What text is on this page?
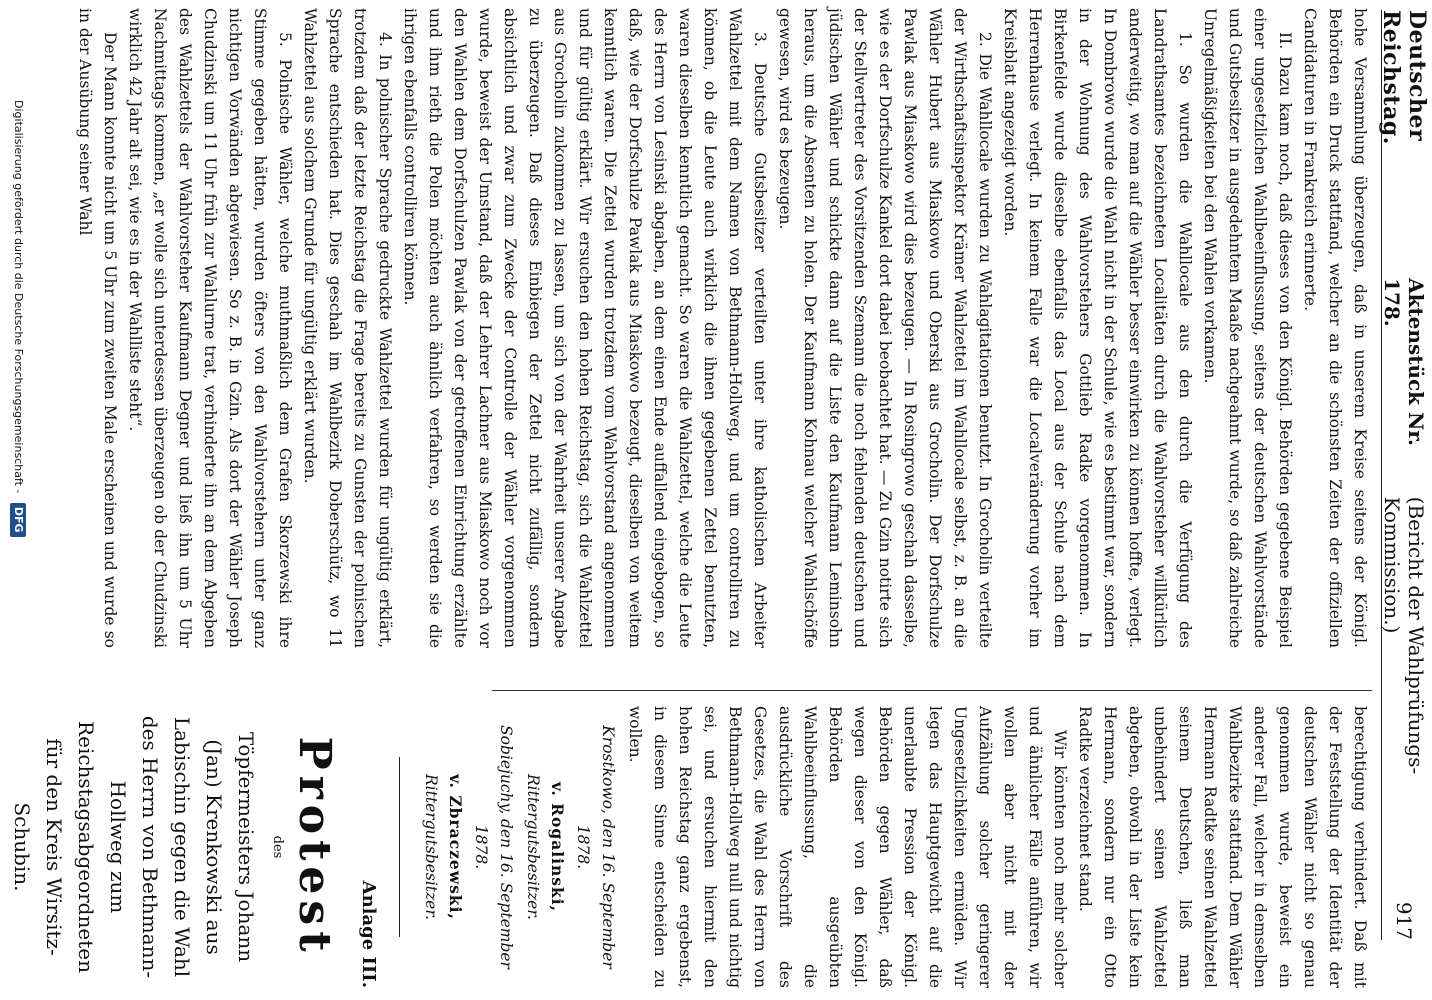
Deutscher Reichstag.
Aktenstück Nr. 178.
(Bericht der Wahlprüfungs-Kommission.)
917

hohe Versammlung überzeugen, daß in unserem Kreise seitens der Königl. Behörden ein Druck stattfand, welcher an die schönsten Zeiten der offiziellen Candidaturen in Frankreich erinnerte.

II. Dazu kam noch, daß dieses von den Königl. Behörden gegebene Beispiel einer ungesetzlichen Wahlbeeinflussung, seitens der deutschen Wahlvorstände und Gutsbesitzer in ausgedehntem Maaße nachgeahmt wurde, so daß zahlreiche Unregelmäßigkeiten bei den Wahlen vorkamen.

1. So wurden die Wahllocale aus den durch die Verfügung des Landrathsamtes bezeichneten Localitäten durch die Wahlvorsteher willkürlich anderweitig, wo man auf die Wähler besser einwirken zu können hoffte, verlegt. In Dombrowo wurde die Wahl nicht in der Schule, wie es bestimmt war, sondern in der Wohnung des Wahlvorstehers Gottlieb Radke vorgenommen. In Birkenfelde wurde dieselbe ebenfalls das Local aus der Schule nach dem Herrenhause verlegt. In keinem Falle war die Localveränderung vorher im Kreisblatt angezeigt worden.

2. Die Wahllocale wurden zu Wahlagitationen benutzt. In Grocholin verteilte der Wirthschaftsinspektor Krämer Wahlzettel im Wahllocale selbst, z. B. an die Wähler Hubert aus Miaskowo und Oberski aus Grocholin. Der Dorfschulze Pawlak aus Miaskowo wird dies bezeugen. — In Rosingrowo geschah dasselbe, wie es der Dorfschulze Kankel dort dabei beobachtet hat. — Zu Gzin notirte sich der Stellvertreter des Vorsitzenden Szemann die noch fehlenden deutschen und jüdischen Wähler und schickte dann auf die Liste den Kaufmann Leminsohn heraus, um die Absenten zu holen. Der Kaufmann Kohnau welcher Wahlschöffe gewesen, wird es bezeugen.

3. Deutsche Gutsbesitzer verteilten unter ihre katholischen Arbeiter Wahlzettel mit dem Namen von Bethmann-Hollweg, und um controlliren zu können, ob die Leute auch wirklich die ihnen gegebenen Zettel benutzten, waren dieselben kenntlich gemacht. So waren die Wahlzettel, welche die Leute des Herrn von Lesinski abgaben, an dem einen Ende auffallend eingebogen, so daß, wie der Dorfschulze Pawlak aus Miaskowo bezeugt, dieselben von weitem kenntlich waren. Die Zettel wurden trotzdem vom Wahlvorstand angenommen und für gültig erklärt. Wir ersuchen den hohen Reichstag, sich die Wahlzettel aus Grocholin zukommen zu lassen, um sich von der Wahrheit unserer Angabe zu überzeugen. Daß dieses Einbiegen der Zettel nicht zufällig, sondern absichtlich und zwar zum Zwecke der Controlle der Wähler vorgenommen wurde, beweist der Umstand, daß der Lehrer Lachner aus Miaskowo noch vor den Wahlen dem Dorfschulzen Pawlak von der getroffenen Einrichtung erzählte und ihm rieth die Polen möchten auch ähnlich verfahren, so werden sie die ihrigen ebenfalls controlliren können.

4. In polnischer Sprache gedruckte Wahlzettel wurden für ungültig erklärt, trotzdem daß der letzte Reichstag die Frage bereits zu Gunsten der polnischen Sprache entschieden hat. Dies geschah im Wahlbezirk Doberschütz, wo 11 Wahlzettel aus solchem Grunde für ungültig erklärt wurden.

5. Polnische Wähler, welche muthmaßlich dem Grafen Skorzewski ihre Stimme gegeben hätten, wurden öfters von den Wahlvorstehern unter ganz nichtigen Vorwänden abgewiesen. So z. B. in Gzin. Als dort der Wähler Joseph Chudzinski um 11 Uhr früh zur Wahlurne trat, verhinderte ihn an dem Abgeben des Wahlzettels der Wahlvorsteher Kaufmann Degner und ließ ihn um 5 Uhr Nachmittags kommen, „er wolle sich unterdessen überzeugen ob der Chudzinski wirklich 42 Jahr alt sei, wie es in der Wahlliste steht“.

Der Mann konnte nicht um 5 Uhr zum zweiten Male erscheinen und wurde so in der Ausübung seiner Wahl

berechtigung verhindert. Daß mit der Feststellung der Identität der deutschen Wähler nicht so genau genommen wurde, beweist ein anderer Fall, welcher in demselben Wahlbezirke stattfand. Dem Wähler Hermann Radtke seinen Wahlzettel seinem Deutschen, ließ man unbehindert seinen Wahlzettel abgeben, obwohl in der Liste kein Hermann, sondern nur ein Otto Radtke verzeichnet stand.

Wir könnten noch mehr solcher und ähnlicher Fälle anführen, wir wollen aber nicht mit der Aufzählung solcher geringerer Ungesetzlichkeiten ermüden. Wir legen das Hauptgewicht auf die unerlaubte Pression der Königl. Behörden gegen Wähler, daß wegen dieser von den Königl. Behörden ausgeübten Wahlbeeinflussung, die ausdrückliche Vorschrift des Gesetzes, die Wahl des Herrn von Bethmann-Hollweg null und nichtig sei, und ersuchen hiermit den hohen Reichstag ganz ergebenst, in diesem Sinne entscheiden zu wollen.

Krostkowo, den 16. September 1878.
v. Rogalinski,
Rittergutsbesitzer.
Sobiejuchy, den 16. September 1878.
v. Zbraczewski,
Rittergutsbesitzer.
Anlage III.
Protest
des
Töpfermeisters Johann (Jan) Krenkowski aus Labischin gegen die Wahl des Herrn von Bethmann-Hollweg zum Reichstagsabgeordneten für den Kreis Wirsitz-Schubin.

Digitalisierung gefördert durch die Deutsche Forschungsgemeinschaft - DFG
